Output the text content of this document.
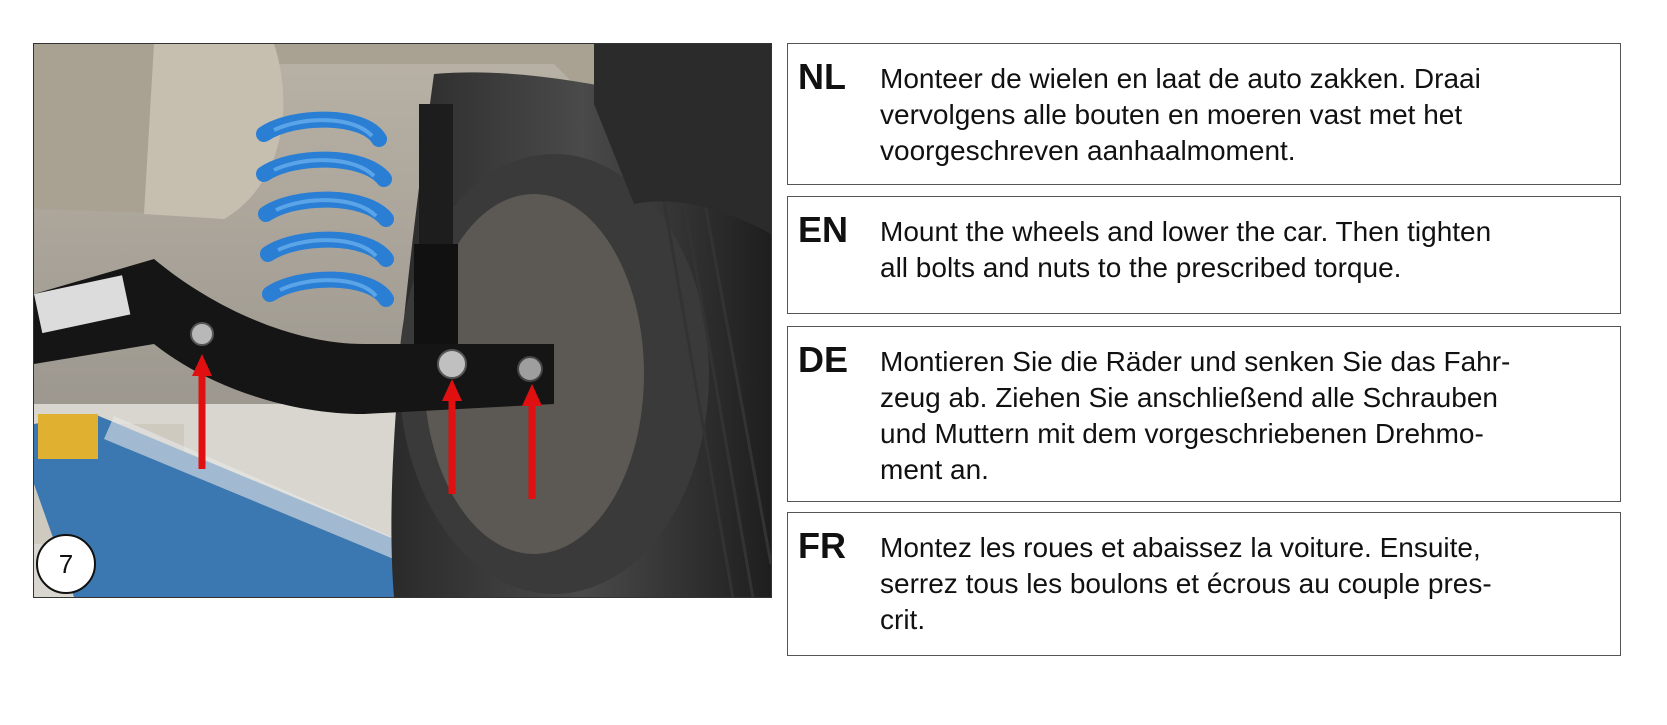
7
NL Monteer de wielen en laat de auto zakken. Draai
vervolgens alle bouten en moeren vast met het
voorgeschreven aanhaalmoment.
EN Mount the wheels and lower the car. Then tighten
all bolts and nuts to the prescribed torque.
DE Montieren Sie die Räder und senken Sie das Fahr-
zeug ab. Ziehen Sie anschließend alle Schrauben
und Muttern mit dem vorgeschriebenen Drehmo-
ment an.
FR Montez les roues et abaissez la voiture. Ensuite,
serrez tous les boulons et écrous au couple pres-
crit.
